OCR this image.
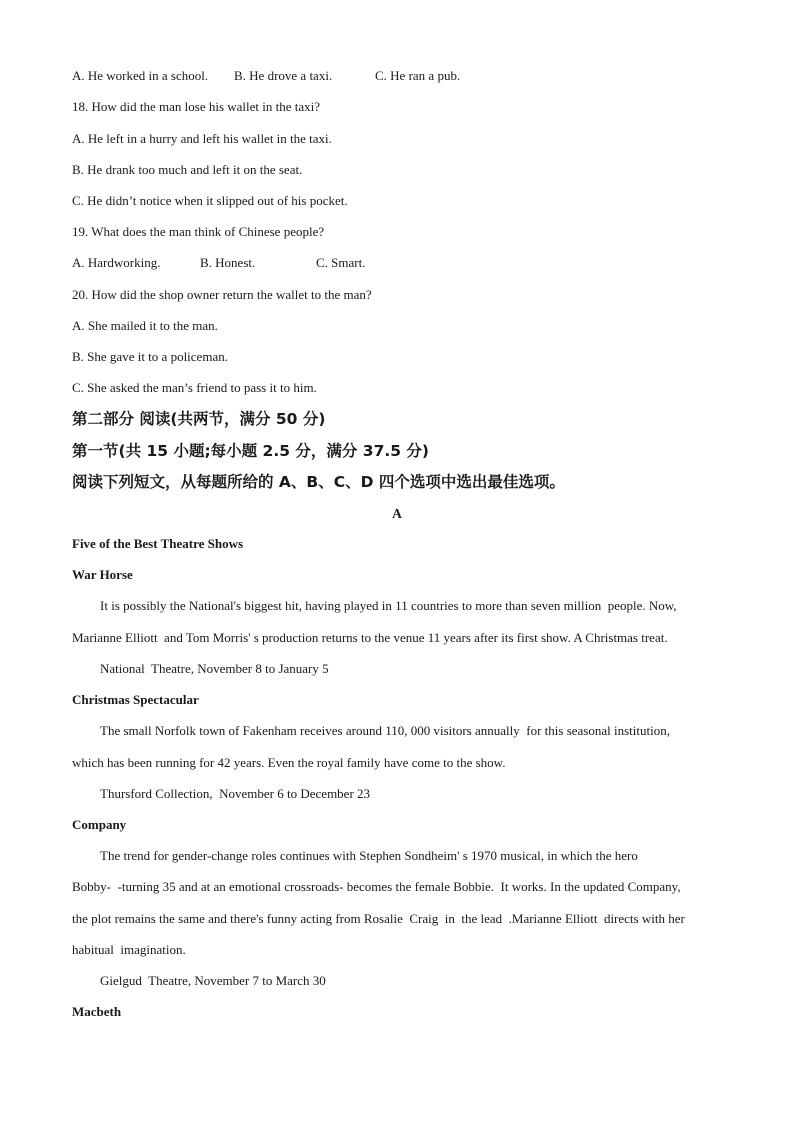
A. He worked in a school. B. He drove a taxi.	C. He ran a pub.
18. How did the man lose his wallet in the taxi?
A. He left in a hurry and left his wallet in the taxi.
B. He drank too much and left it on the seat.
C. He didn’t notice when it slipped out of his pocket.
19. What does the man think of Chinese people?
A. Hardworking.	B. Honest.	C. Smart.
20. How did the shop owner return the wallet to the man?
A. She mailed it to the man.
B. She gave it to a policeman.
C. She asked the man’s friend to pass it to him.
第二部分 阅读(共两节，满分 50 分)
第一节(共 15 小题;每小题 2.5 分，满分 37.5 分)
阅读下列短文，从每题所给的 A、B、C、D 四个选项中选出最佳选项。
A
Five of the Best Theatre Shows
War Horse
It is possibly the National's biggest hit, having played in 11 countries to more than seven million  people. Now,
Marianne Elliott  and Tom Morris' s production returns to the venue 11 years after its first show. A Christmas treat.
National  Theatre, November 8 to January 5
Christmas Spectacular
The small Norfolk town of Fakenham receives around 110, 000 visitors annually  for this seasonal institution,
which has been running for 42 years. Even the royal family have come to the show.
Thursford Collection,  November 6 to December 23
Company
The trend for gender-change roles continues with Stephen Sondheim' s 1970 musical, in which the hero
Bobby-  -turning 35 and at an emotional crossroads- becomes the female Bobbie.  It works. In the updated Company,
the plot remains the same and there's funny acting from Rosalie  Craig  in  the lead  .Marianne Elliott  directs with her
habitual  imagination.
Gielgud  Theatre, November 7 to March 30
Macbeth
